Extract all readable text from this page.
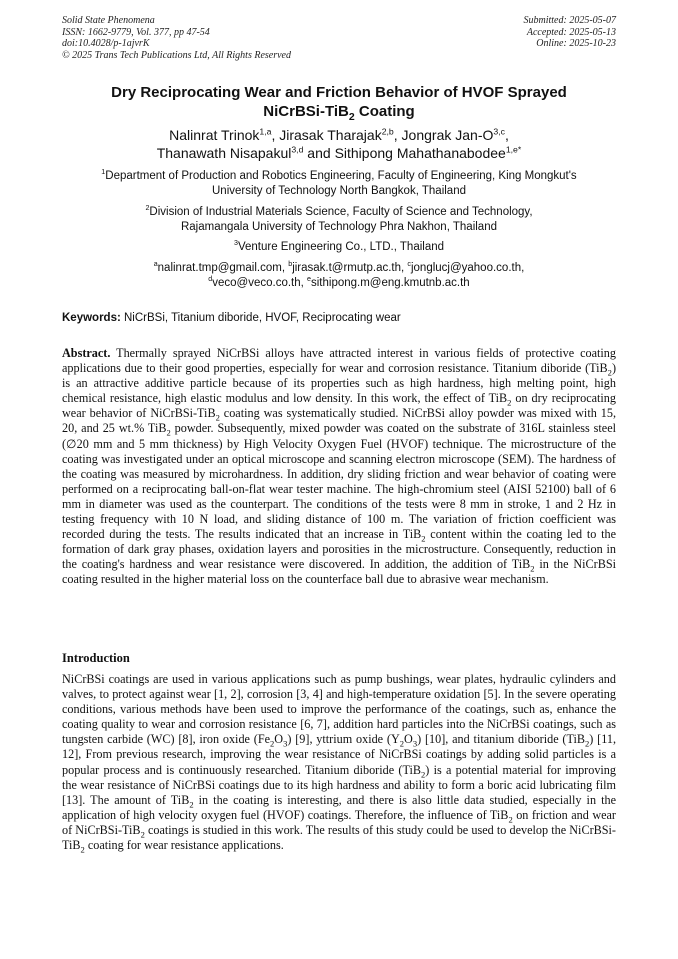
Solid State Phenomena
ISSN: 1662-9779, Vol. 377, pp 47-54
doi:10.4028/p-1ajvrK
© 2025 Trans Tech Publications Ltd, All Rights Reserved
Submitted: 2025-05-07
Accepted: 2025-05-13
Online: 2025-10-23
Dry Reciprocating Wear and Friction Behavior of HVOF Sprayed
NiCrBSi-TiB$_2$ Coating
Nalinrat Trinok$^{1,a}$, Jirasak Tharajak$^{2,b}$, Jongrak Jan-$O^{3,c}$,
Thanawath Nisapakul$^{3,d}$ and Sithipong Mahathanabodee$^{1,e*}$
$^1$Department of Production and Robotics Engineering, Faculty of Engineering, King Mongkut's
University of Technology North Bangkok, Thailand
$^2$Division of Industrial Materials Science, Faculty of Science and Technology,
Rajamangala University of Technology Phra Nakhon, Thailand
$^3$Venture Engineering Co., LTD., Thailand
$^a$nalinrat.tmp@gmail.com, $^b$jirasak.t@rmutp.ac.th, $^c$jonglucj@yahoo.co.th,
$^d$veco@veco.co.th, $^e$sithipong.m@eng.kmutnb.ac.th
Keywords: NiCrBSi, Titanium diboride, HVOF, Reciprocating wear
Abstract. Thermally sprayed NiCrBSi alloys have attracted interest in various fields of protective coating applications due to their good properties, especially for wear and corrosion resistance. Titanium diboride (TiB$_2$) is an attractive additive particle because of its properties such as high hardness, high melting point, high chemical resistance, high elastic modulus and low density. In this work, the effect of TiB$_2$ on dry reciprocating wear behavior of NiCrBSi-TiB$_2$ coating was systematically studied. NiCrBSi alloy powder was mixed with 15, 20, and 25 wt.% TiB$_2$ powder. Subsequently, mixed powder was coated on the substrate of 316L stainless steel (∅20 mm and 5 mm thickness) by High Velocity Oxygen Fuel (HVOF) technique. The microstructure of the coating was investigated under an optical microscope and scanning electron microscope (SEM). The hardness of the coating was measured by microhardness. In addition, dry sliding friction and wear behavior of coating were performed on a reciprocating ball-on-flat wear tester machine. The high-chromium steel (AISI 52100) ball of 6 mm in diameter was used as the counterpart. The conditions of the tests were 8 mm in stroke, 1 and 2 Hz in testing frequency with 10 N load, and sliding distance of 100 m. The variation of friction coefficient was recorded during the tests. The results indicated that an increase in TiB$_2$ content within the coating led to the formation of dark gray phases, oxidation layers and porosities in the microstructure. Consequently, reduction in the coating's hardness and wear resistance were discovered. In addition, the addition of TiB$_2$ in the NiCrBSi coating resulted in the higher material loss on the counterface ball due to abrasive wear mechanism.
Introduction
NiCrBSi coatings are used in various applications such as pump bushings, wear plates, hydraulic cylinders and valves, to protect against wear [1, 2], corrosion [3, 4] and high-temperature oxidation [5]. In the severe operating conditions, various methods have been used to improve the performance of the coatings, such as, enhance the coating quality to wear and corrosion resistance [6, 7], addition hard particles into the NiCrBSi coatings, such as tungsten carbide (WC) [8], iron oxide $(Fe_2O_3)$ [9], yttrium oxide $(Y_2O_3)$ [10], and titanium diboride (TiB$_2$) [11, 12], From previous research, improving the wear resistance of NiCrBSi coatings by adding solid particles is a popular process and is continuously researched. Titanium diboride (TiB$_2$) is a potential material for improving the wear resistance of NiCrBSi coatings due to its high hardness and ability to form a boric acid lubricating film [13]. The amount of TiB$_2$ in the coating is interesting, and there is also little data studied, especially in the application of high velocity oxygen fuel (HVOF) coatings. Therefore, the influence of TiB$_2$ on friction and wear of NiCrBSi-TiB$_2$ coatings is studied in this work. The results of this study could be used to develop the NiCrBSi-TiB$_2$ coating for wear resistance applications.
